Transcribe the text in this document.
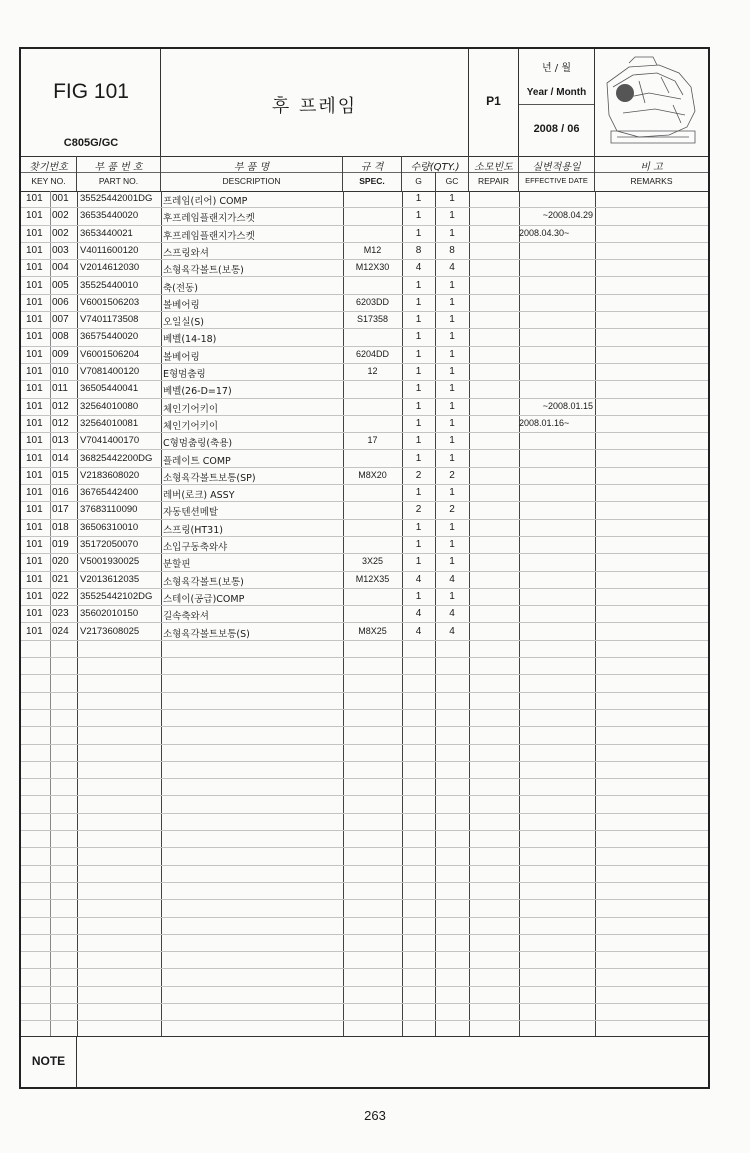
FIG 101
C805G/GC
후 프레임	P1
년 / 월
Year / Month
2008 / 06
찾기번호
KEY NO.
부 품 번 호
PART NO.
부 품 명
DESCRIPTION
규 격
SPEC.
수량(QTY.)
G	GC
소모빈도
REPAIR
실변적용일
EFFECTIVE DATE
비 고
REMARKS
101 001	35525442001DG	프레임(리어) COMP	1	1
101 002	36535440020	후프레임플랜지가스켓	1	1	~2008.04.29
101 002	3653440021	후프레임플랜지가스켓	1	1	2008.04.30~
101 003	V4011600120	스프링와셔	M12	8	8
101 004	V2014612030	소형육각볼트(보통)	M12X30	4	4
101 005	35525440010	축(전동)	1	1
101 006	V6001506203	볼베어링	6203DD	1	1
101 007	V7401173508	오일실(S)	S17358	1	1
101 008	36575440020	베벨(14-18)	1	1
101 009	V6001506204	볼베어링	6204DD	1	1
101 010	V7081400120	E형멈춤링	12	1	1
101 011	36505440041	베벨(26-D=17)	1	1
101 012	32564010080	체인기어키이	1	1	~2008.01.15
101 012	32564010081	체인기어키이	1	1	2008.01.16~
101 013	V7041400170	C형멈춤링(축용)	17	1	1
101 014	36825442200DG	플레이트 COMP	1	1
101 015	V2183608020	소형육각볼트보통(SP)	M8X20	2	2
101 016	36765442400	레버(로크) ASSY	1	1
101 017	37683110090	자동텐션메탈	2	2
101 018	36506310010	스프링(HT31)	1	1
101 019	35172050070	소입구동축와샤	1	1
101 020	V5001930025	분할핀	3X25	1	1
101 021	V2013612035	소형육각볼트(보통)	M12X35	4	4
101 022	35525442102DG	스테이(공급)COMP	1	1
101 023	35602010150	길속축와셔	4	4
101 024	V2173608025	소형육각볼트보통(S)	M8X25	4	4
NOTE
263
